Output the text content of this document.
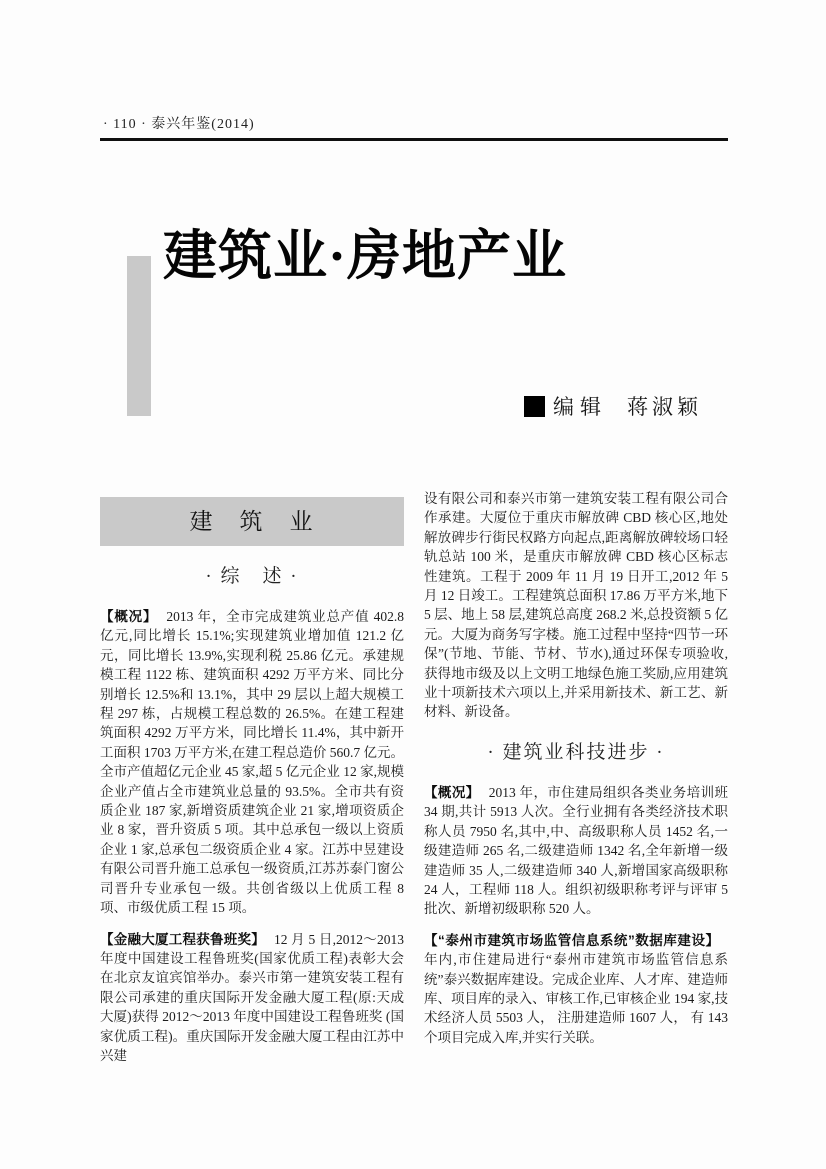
· 110 · 泰兴年鉴(2014)
建筑业·房地产业
编辑 蒋淑颖
建　筑　业
· 综　述 ·

【概况】 2013 年，全市完成建筑业总产值 402.8 亿元,同比增长 15.1%;实现建筑业增加值 121.2 亿元，同比增长 13.9%,实现利税 25.86 亿元。承建规模工程 1122 栋、建筑面积 4292 万平方米、同比分别增长 12.5%和 13.1%，其中 29 层以上超大规模工程 297 栋，占规模工程总数的 26.5%。在建工程建筑面积 4292 万平方米，同比增长 11.4%，其中新开工面积 1703 万平方米,在建工程总造价 560.7 亿元。全市产值超亿元企业 45 家,超 5 亿元企业 12 家,规模企业产值占全市建筑业总量的 93.5%。全市共有资质企业 187 家,新增资质建筑企业 21 家,增项资质企业 8 家，晋升资质 5 项。其中总承包一级以上资质企业 1 家,总承包二级资质企业 4 家。江苏中昱建设有限公司晋升施工总承包一级资质,江苏苏泰门窗公司晋升专业承包一级。共创省级以上优质工程 8 项、市级优质工程 15 项。

【金融大厦工程获鲁班奖】 12 月 5 日,2012～2013 年度中国建设工程鲁班奖(国家优质工程)表彰大会在北京友谊宾馆举办。泰兴市第一建筑安装工程有限公司承建的重庆国际开发金融大厦工程(原:天成大厦)获得 2012～2013 年度中国建设工程鲁班奖 (国家优质工程)。重庆国际开发金融大厦工程由江苏中兴建

设有限公司和泰兴市第一建筑安装工程有限公司合作承建。大厦位于重庆市解放碑 CBD 核心区,地处解放碑步行街民权路方向起点,距离解放碑较场口轻轨总站 100 米，是重庆市解放碑 CBD 核心区标志性建筑。工程于 2009 年 11 月 19 日开工,2012 年 5 月 12 日竣工。工程建筑总面积 17.86 万平方米,地下 5 层、地上 58 层,建筑总高度 268.2 米,总投资额 5 亿元。大厦为商务写字楼。施工过程中坚持“四节一环保”(节地、节能、节材、节水),通过环保专项验收,获得地市级及以上文明工地绿色施工奖励,应用建筑业十项新技术六项以上,并采用新技术、新工艺、新材料、新设备。

· 建筑业科技进步 ·

【概况】 2013 年，市住建局组织各类业务培训班 34 期,共计 5913 人次。全行业拥有各类经济技术职称人员 7950 名,其中,中、高级职称人员 1452 名,一级建造师 265 名,二级建造师 1342 名,全年新增一级建造师 35 人,二级建造师 340 人,新增国家高级职称 24 人，工程师 118 人。组织初级职称考评与评审 5 批次、新增初级职称 520 人。

【“泰州市建筑市场监管信息系统”数据库建设】年内,市住建局进行“泰州市建筑市场监管信息系统”泰兴数据库建设。完成企业库、人才库、建造师库、项目库的录入、审核工作,已审核企业 194 家,技术经济人员 5503 人， 注册建造师 1607 人， 有 143 个项目完成入库,并实行关联。
